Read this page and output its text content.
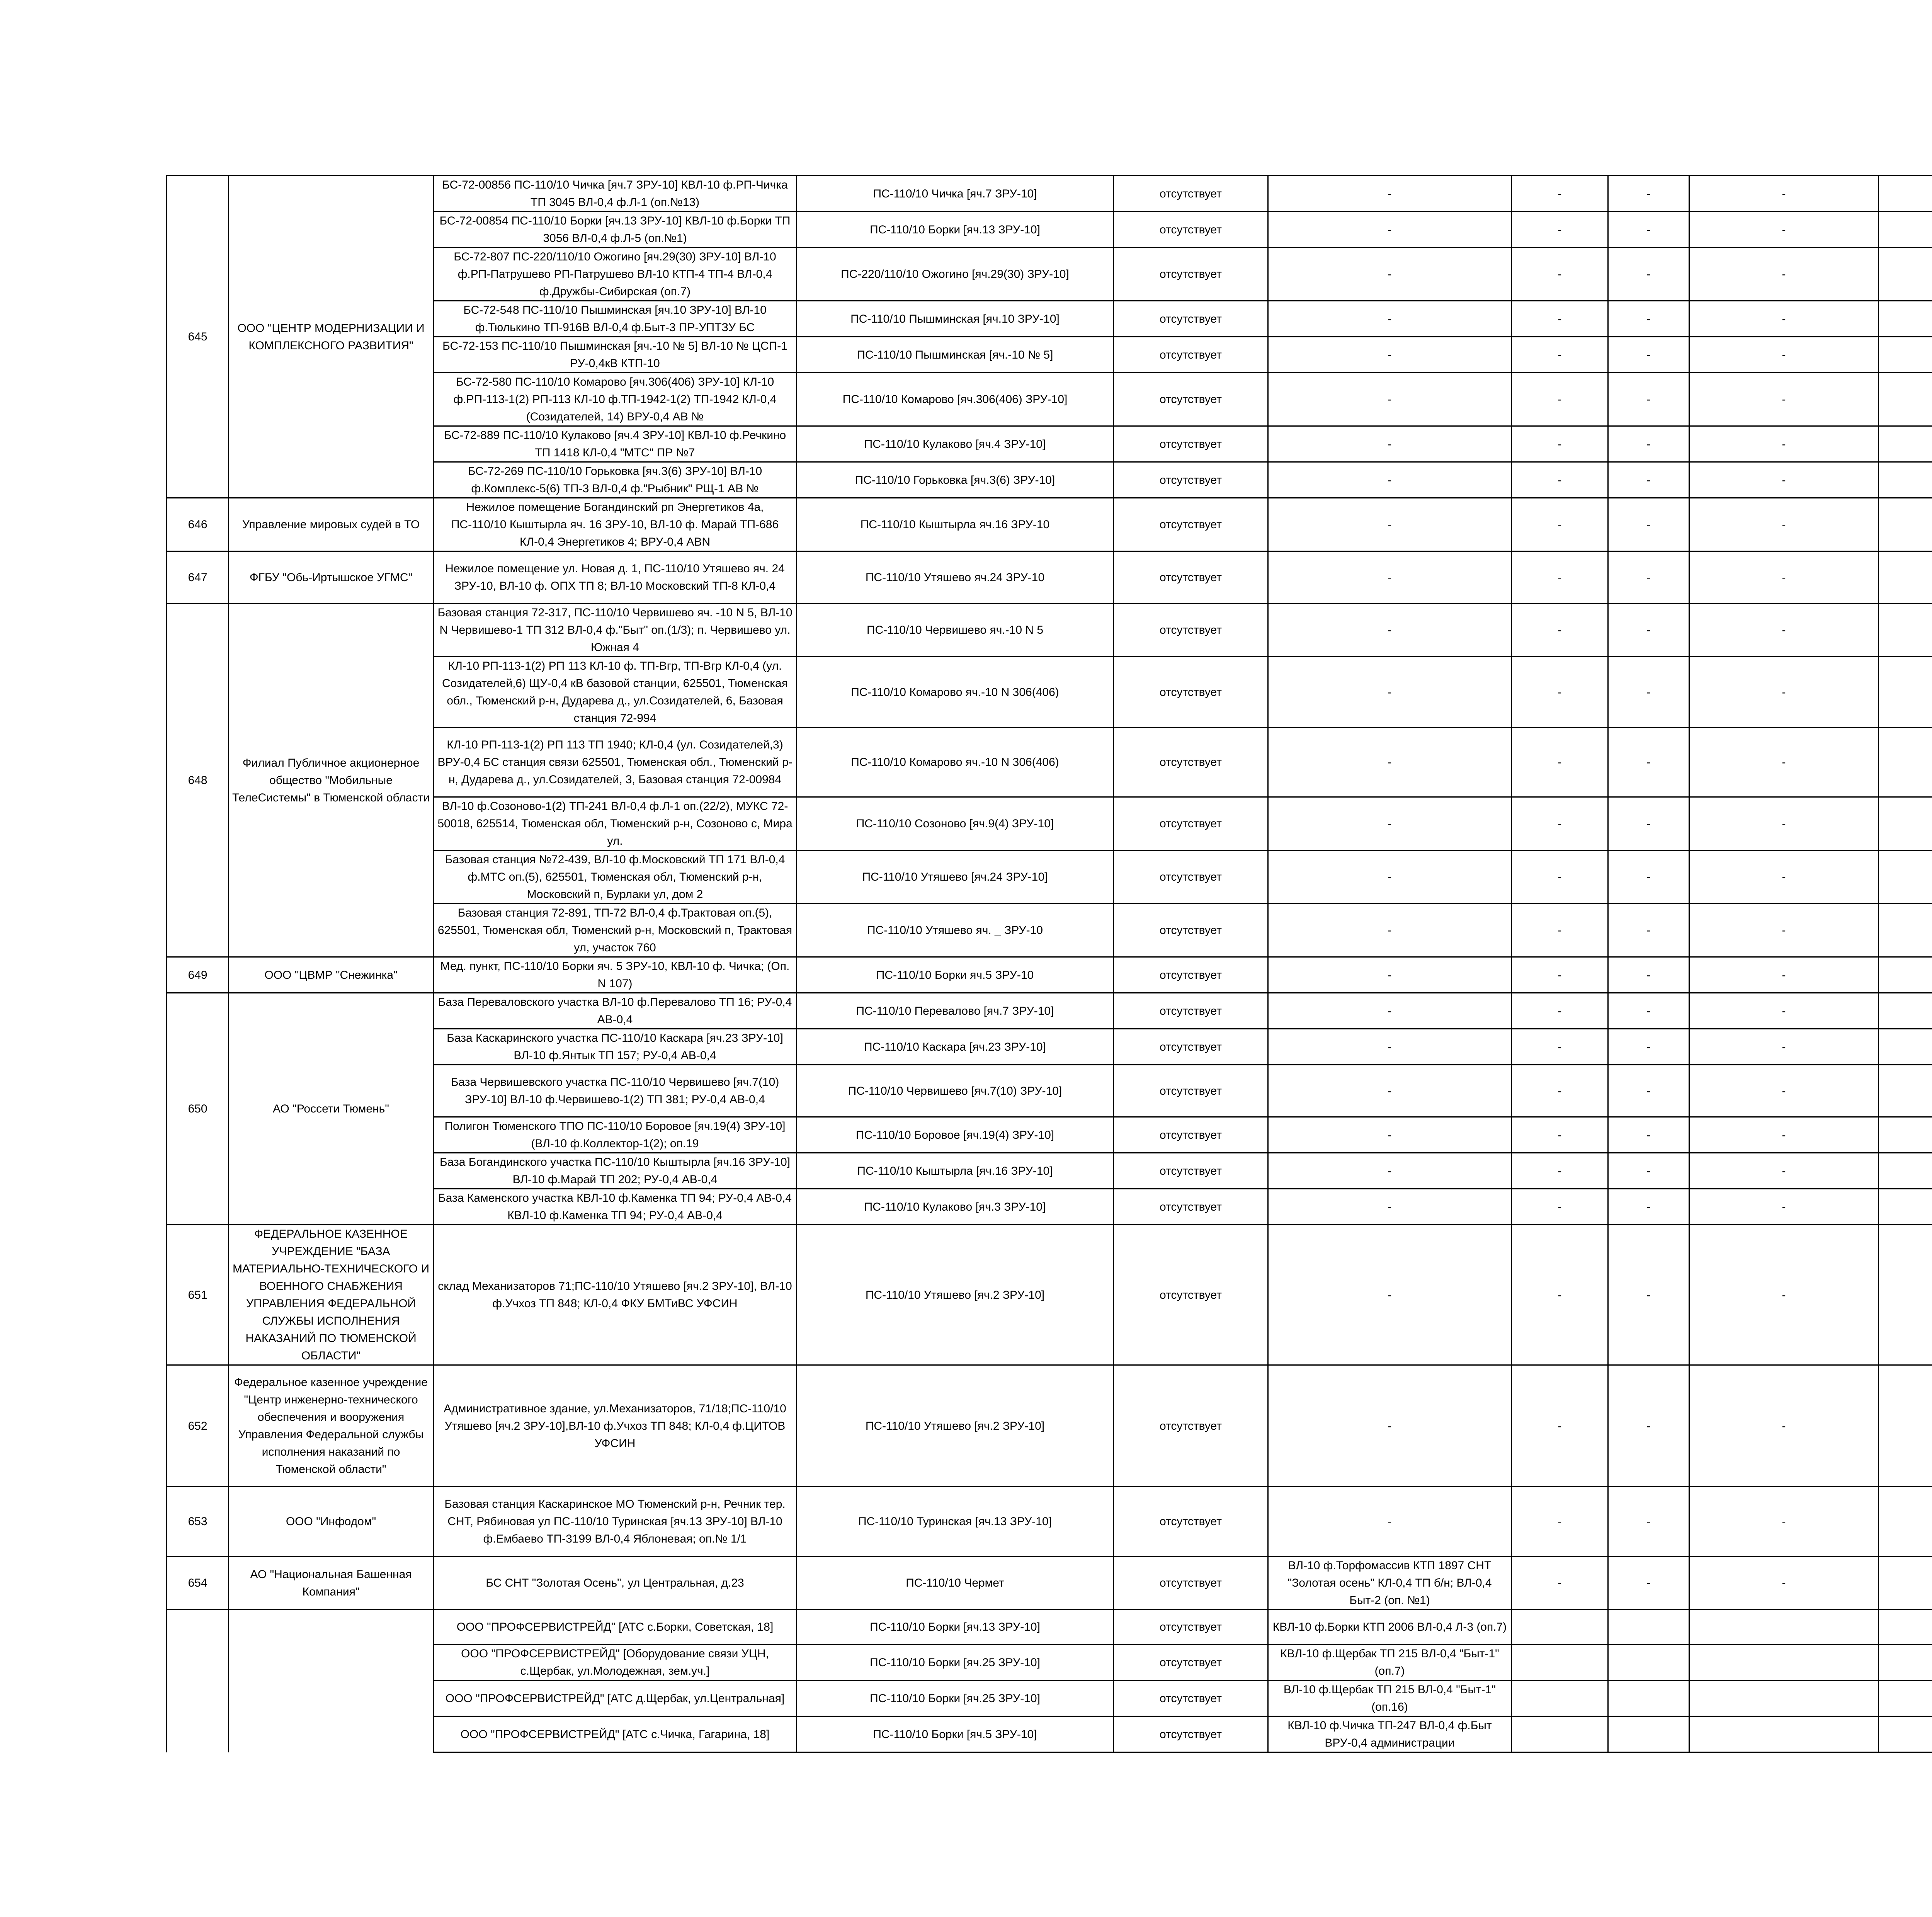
645	ООО "ЦЕНТР МОДЕРНИЗАЦИИ И КОМПЛЕКСНОГО РАЗВИТИЯ"	БС-72-00856 ПС-110/10 Чичка [яч.7 ЗРУ-10] КВЛ-10 ф.РП-Чичка ТП 3045 ВЛ-0,4 ф.Л-1 (оп.№13)	ПС-110/10 Чичка [яч.7 ЗРУ-10]	отсутствует	-	-	-	-		
		БС-72-00854 ПС-110/10 Борки [яч.13 ЗРУ-10] КВЛ-10 ф.Борки ТП 3056 ВЛ-0,4 ф.Л-5 (оп.№1)	ПС-110/10 Борки [яч.13 ЗРУ-10]	отсутствует	-	-	-	-		
		БС-72-807 ПС-220/110/10 Ожогино [яч.29(30) ЗРУ-10] ВЛ-10 ф.РП-Патрушево РП-Патрушево ВЛ-10 КТП-4 ТП-4 ВЛ-0,4 ф.Дружбы-Сибирская (оп.7)	ПС-220/110/10 Ожогино [яч.29(30) ЗРУ-10]	отсутствует	-	-	-	-		
		БС-72-548 ПС-110/10 Пышминская [яч.10 ЗРУ-10] ВЛ-10 ф.Тюлькино ТП-916В ВЛ-0,4 ф.Быт-3 ПР-УПТЗУ БС	ПС-110/10 Пышминская [яч.10 ЗРУ-10]	отсутствует	-	-	-	-		
		БС-72-153 ПС-110/10 Пышминская [яч.-10 № 5] ВЛ-10 № ЦСП-1 РУ-0,4кВ КТП-10	ПС-110/10 Пышминская [яч.-10 № 5]	отсутствует	-	-	-	-		
		БС-72-580 ПС-110/10 Комарово [яч.306(406) ЗРУ-10] КЛ-10 ф.РП-113-1(2) РП-113 КЛ-10 ф.ТП-1942-1(2) ТП-1942 КЛ-0,4 (Созидателей, 14) ВРУ-0,4 АВ №	ПС-110/10 Комарово [яч.306(406) ЗРУ-10]	отсутствует	-	-	-	-		
		БС-72-889 ПС-110/10 Кулаково [яч.4 ЗРУ-10] КВЛ-10 ф.Речкино ТП 1418 КЛ-0,4 "МТС" ПР №7	ПС-110/10 Кулаково [яч.4 ЗРУ-10]	отсутствует	-	-	-	-		
		БС-72-269 ПС-110/10 Горьковка [яч.3(6) ЗРУ-10] ВЛ-10 ф.Комплекс-5(6) ТП-3 ВЛ-0,4 ф."Рыбник" РЩ-1 АВ №	ПС-110/10 Горьковка [яч.3(6) ЗРУ-10]	отсутствует	-	-	-	-		
646	Управление мировых судей в ТО	Нежилое помещение Богандинский рп Энергетиков 4а, ПС-110/10 Кыштырла яч. 16 ЗРУ-10, ВЛ-10 ф. Марай ТП-686 КЛ-0,4 Энергетиков 4; ВРУ-0,4 ABN	ПС-110/10 Кыштырла яч.16 ЗРУ-10	отсутствует	-	-	-	-		
647	ФГБУ "Обь-Иртышское УГМС"	Нежилое помещение ул. Новая д. 1, ПС-110/10 Утяшево яч. 24 ЗРУ-10, ВЛ-10 ф. ОПХ ТП 8; ВЛ-10 Московский ТП-8 КЛ-0,4	ПС-110/10 Утяшево яч.24 ЗРУ-10	отсутствует	-	-	-	-		
648	Филиал Публичное акционерное общество "Мобильные ТелеСистемы" в Тюменской области	Базовая станция 72-317, ПС-110/10 Червишево яч. -10 N 5, ВЛ-10 N Червишево-1 ТП 312 ВЛ-0,4 ф."Быт" оп.(1/3); п. Червишево ул. Южная 4	ПС-110/10 Червишево яч.-10 N 5	отсутствует	-	-	-	-		
		КЛ-10 РП-113-1(2) РП 113 КЛ-10 ф. ТП-Вгр, ТП-Вгр КЛ-0,4 (ул. Созидателей,6) ЩУ-0,4 кВ базовой станции, 625501, Тюменская обл., Тюменский р-н, Дударева д., ул.Созидателей, 6, Базовая станция 72-994	ПС-110/10 Комарово яч.-10 N 306(406)	отсутствует	-	-	-	-		
		КЛ-10 РП-113-1(2) РП 113 ТП 1940; КЛ-0,4 (ул. Созидателей,3) ВРУ-0,4 БС станция связи 625501, Тюменская обл., Тюменский р-н, Дударева д., ул.Созидателей, 3, Базовая станция 72-00984	ПС-110/10 Комарово яч.-10 N 306(406)	отсутствует	-	-	-	-		
		ВЛ-10 ф.Созоново-1(2) ТП-241 ВЛ-0,4 ф.Л-1 оп.(22/2), МУКС 72-50018, 625514, Тюменская обл, Тюменский р-н, Созоново с, Мира ул.	ПС-110/10 Созоново [яч.9(4) ЗРУ-10]	отсутствует	-	-	-	-		
		Базовая станция №72-439, ВЛ-10 ф.Московский ТП 171 ВЛ-0,4 ф.МТС оп.(5), 625501, Тюменская обл, Тюменский р-н, Московский п, Бурлаки ул, дом 2	ПС-110/10 Утяшево [яч.24 ЗРУ-10]	отсутствует	-	-	-	-		
		Базовая станция 72-891, ТП-72 ВЛ-0,4 ф.Трактовая оп.(5), 625501, Тюменская обл, Тюменский р-н, Московский п, Трактовая ул, участок 760	ПС-110/10 Утяшево яч. _ ЗРУ-10	отсутствует	-	-	-	-		
649	ООО "ЦВМР "Снежинка"	Мед. пункт, ПС-110/10 Борки яч. 5 ЗРУ-10, КВЛ-10 ф. Чичка; (Оп. N 107)	ПС-110/10 Борки яч.5 ЗРУ-10	отсутствует	-	-	-	-		
650	АО "Россети Тюмень"	База Переваловского участка ВЛ-10 ф.Перевалово ТП 16; РУ-0,4 АВ-0,4	ПС-110/10 Перевалово [яч.7 ЗРУ-10]	отсутствует	-	-	-	-		
		База Каскаринского участка ПС-110/10 Каскара [яч.23 ЗРУ-10] ВЛ-10 ф.Янтык ТП 157; РУ-0,4 АВ-0,4	ПС-110/10 Каскара [яч.23 ЗРУ-10]	отсутствует	-	-	-	-		
		База Червишевского участка ПС-110/10 Червишево [яч.7(10) ЗРУ-10] ВЛ-10 ф.Червишево-1(2) ТП 381; РУ-0,4 АВ-0,4	ПС-110/10 Червишево [яч.7(10) ЗРУ-10]	отсутствует	-	-	-	-		
		Полигон Тюменского ТПО ПС-110/10 Боровое [яч.19(4) ЗРУ-10](ВЛ-10 ф.Коллектор-1(2); оп.19	ПС-110/10 Боровое [яч.19(4) ЗРУ-10]	отсутствует	-	-	-	-		
		База Богандинского участка ПС-110/10 Кыштырла [яч.16 ЗРУ-10] ВЛ-10 ф.Марай ТП 202; РУ-0,4 АВ-0,4	ПС-110/10 Кыштырла [яч.16 ЗРУ-10]	отсутствует	-	-	-	-		
		База Каменского участка КВЛ-10 ф.Каменка ТП 94; РУ-0,4 АВ-0,4 КВЛ-10 ф.Каменка ТП 94; РУ-0,4 АВ-0,4	ПС-110/10 Кулаково [яч.3 ЗРУ-10]	отсутствует	-	-	-	-		
651	ФЕДЕРАЛЬНОЕ КАЗЕННОЕ УЧРЕЖДЕНИЕ "БАЗА МАТЕРИАЛЬНО-ТЕХНИЧЕСКОГО И ВОЕННОГО СНАБЖЕНИЯ УПРАВЛЕНИЯ ФЕДЕРАЛЬНОЙ СЛУЖБЫ ИСПОЛНЕНИЯ НАКАЗАНИЙ ПО ТЮМЕНСКОЙ ОБЛАСТИ"	склад Механизаторов 71;ПС-110/10 Утяшево [яч.2 ЗРУ-10], ВЛ-10 ф.Учхоз ТП 848; КЛ-0,4 ФКУ БМТиВС УФСИН	ПС-110/10 Утяшево [яч.2 ЗРУ-10]	отсутствует	-	-	-	-		
652	Федеральное казенное учреждение "Центр инженерно-технического обеспечения и вооружения Управления Федеральной службы исполнения наказаний по Тюменской области"	Административное здание, ул.Механизаторов, 71/18;ПС-110/10 Утяшево [яч.2 ЗРУ-10],ВЛ-10 ф.Учхоз ТП 848; КЛ-0,4 ф.ЦИТОВ УФСИН	ПС-110/10 Утяшево [яч.2 ЗРУ-10]	отсутствует	-	-	-	-		
653	ООО "Инфодом"	Базовая станция Каскаринское МО Тюменский р-н, Речник тер. СНТ, Рябиновая ул ПС-110/10 Туринская [яч.13 ЗРУ-10] ВЛ-10 ф.Ембаево ТП-3199 ВЛ-0,4 Яблоневая; оп.№ 1/1	ПС-110/10 Туринская [яч.13 ЗРУ-10]	отсутствует	-	-	-	-		
654	АО "Национальная Башенная Компания"	БС СНТ "Золотая Осень", ул Центральная, д.23	ПС-110/10 Чермет	отсутствует	ВЛ-10 ф.Торфомассив КТП 1897 СНТ "Золотая осень" КЛ-0,4 ТП б/н; ВЛ-0,4 Быт-2 (оп. №1)	-	-	-		
		ООО "ПРОФСЕРВИСТРЕЙД" [АТС с.Борки, Советская, 18]	ПС-110/10 Борки [яч.13 ЗРУ-10]	отсутствует	КВЛ-10 ф.Борки КТП 2006 ВЛ-0,4 Л-3 (оп.7)					
		ООО "ПРОФСЕРВИСТРЕЙД" [Оборудование связи УЦН, с.Щербак, ул.Молодежная, зем.уч.]	ПС-110/10 Борки [яч.25 ЗРУ-10]	отсутствует	КВЛ-10 ф.Щербак ТП 215 ВЛ-0,4 "Быт-1" (оп.7)					
		ООО "ПРОФСЕРВИСТРЕЙД" [АТС д.Щербак, ул.Центральная]	ПС-110/10 Борки [яч.25 ЗРУ-10]	отсутствует	ВЛ-10 ф.Щербак ТП 215 ВЛ-0,4 "Быт-1" (оп.16)					
		ООО "ПРОФСЕРВИСТРЕЙД" [АТС с.Чичка, Гагарина, 18]	ПС-110/10 Борки [яч.5 ЗРУ-10]	отсутствует	КВЛ-10 ф.Чичка ТП-247 ВЛ-0,4 ф.Быт ВРУ-0,4 администрации					
